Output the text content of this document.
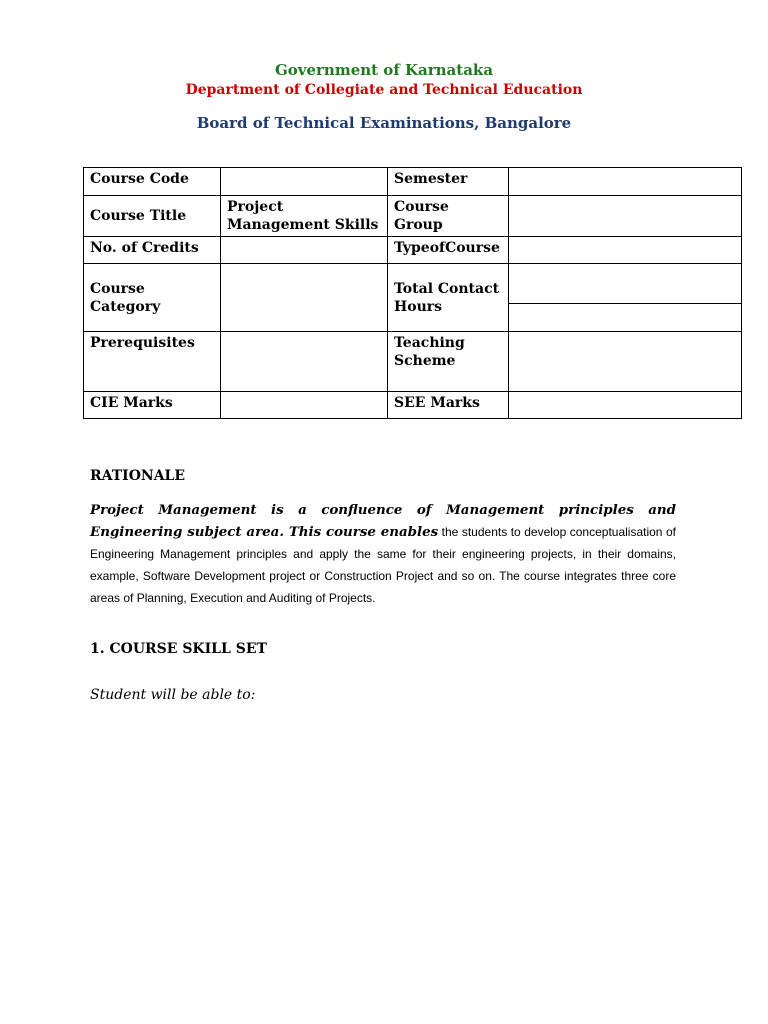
Government of Karnataka
Department of Collegiate and Technical Education
Board of Technical Examinations, Bangalore
Course Code		Semester	
Course Title	Project Management Skills	Course Group	
No. of Credits		TypeofCourse	
Course Category		Total Contact Hours	

Prerequisites		Teaching Scheme	
CIE Marks		SEE Marks	
RATIONALE
Project Management is a confluence of Management principles and Engineering subject area. This course enables the students to develop conceptualisation of Engineering Management principles and apply the same for their engineering projects, in their domains, example, Software Development project or Construction Project and so on. The course integrates three core areas of Planning, Execution and Auditing of Projects.
1. COURSE SKILL SET
Student will be able to:
